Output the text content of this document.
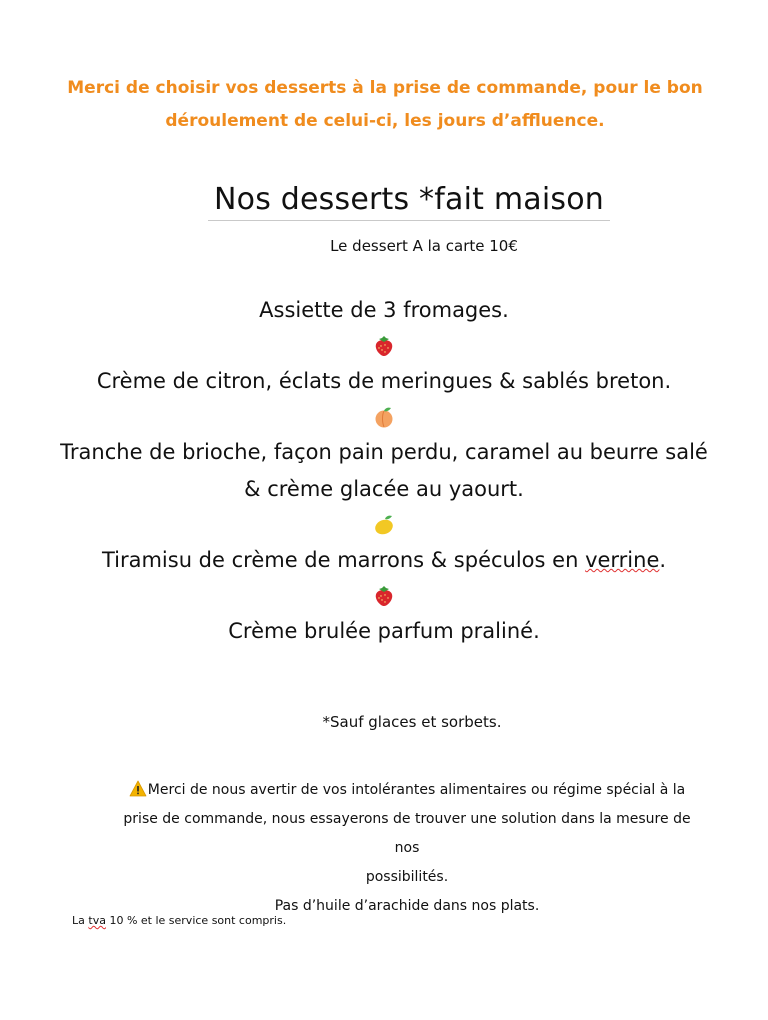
Merci de choisir vos desserts à la prise de commande, pour le bon
déroulement de celui-ci, les jours d’affluence.
Nos desserts *fait maison
Le dessert A la carte 10€
Assiette de 3 fromages.
Crème de citron, éclats de meringues & sablés breton.
Tranche de brioche, façon pain perdu, caramel au beurre salé
& crème glacée au yaourt.
Tiramisu de crème de marrons & spéculos en verrine.
Crème brulée parfum praliné.
*Sauf glaces et sorbets.
Merci de nous avertir de vos intolérantes alimentaires ou régime spécial à la
prise de commande, nous essayerons de trouver une solution dans la mesure de nos
possibilités.
Pas d’huile d’arachide dans nos plats.
La tva 10 % et le service sont compris.
